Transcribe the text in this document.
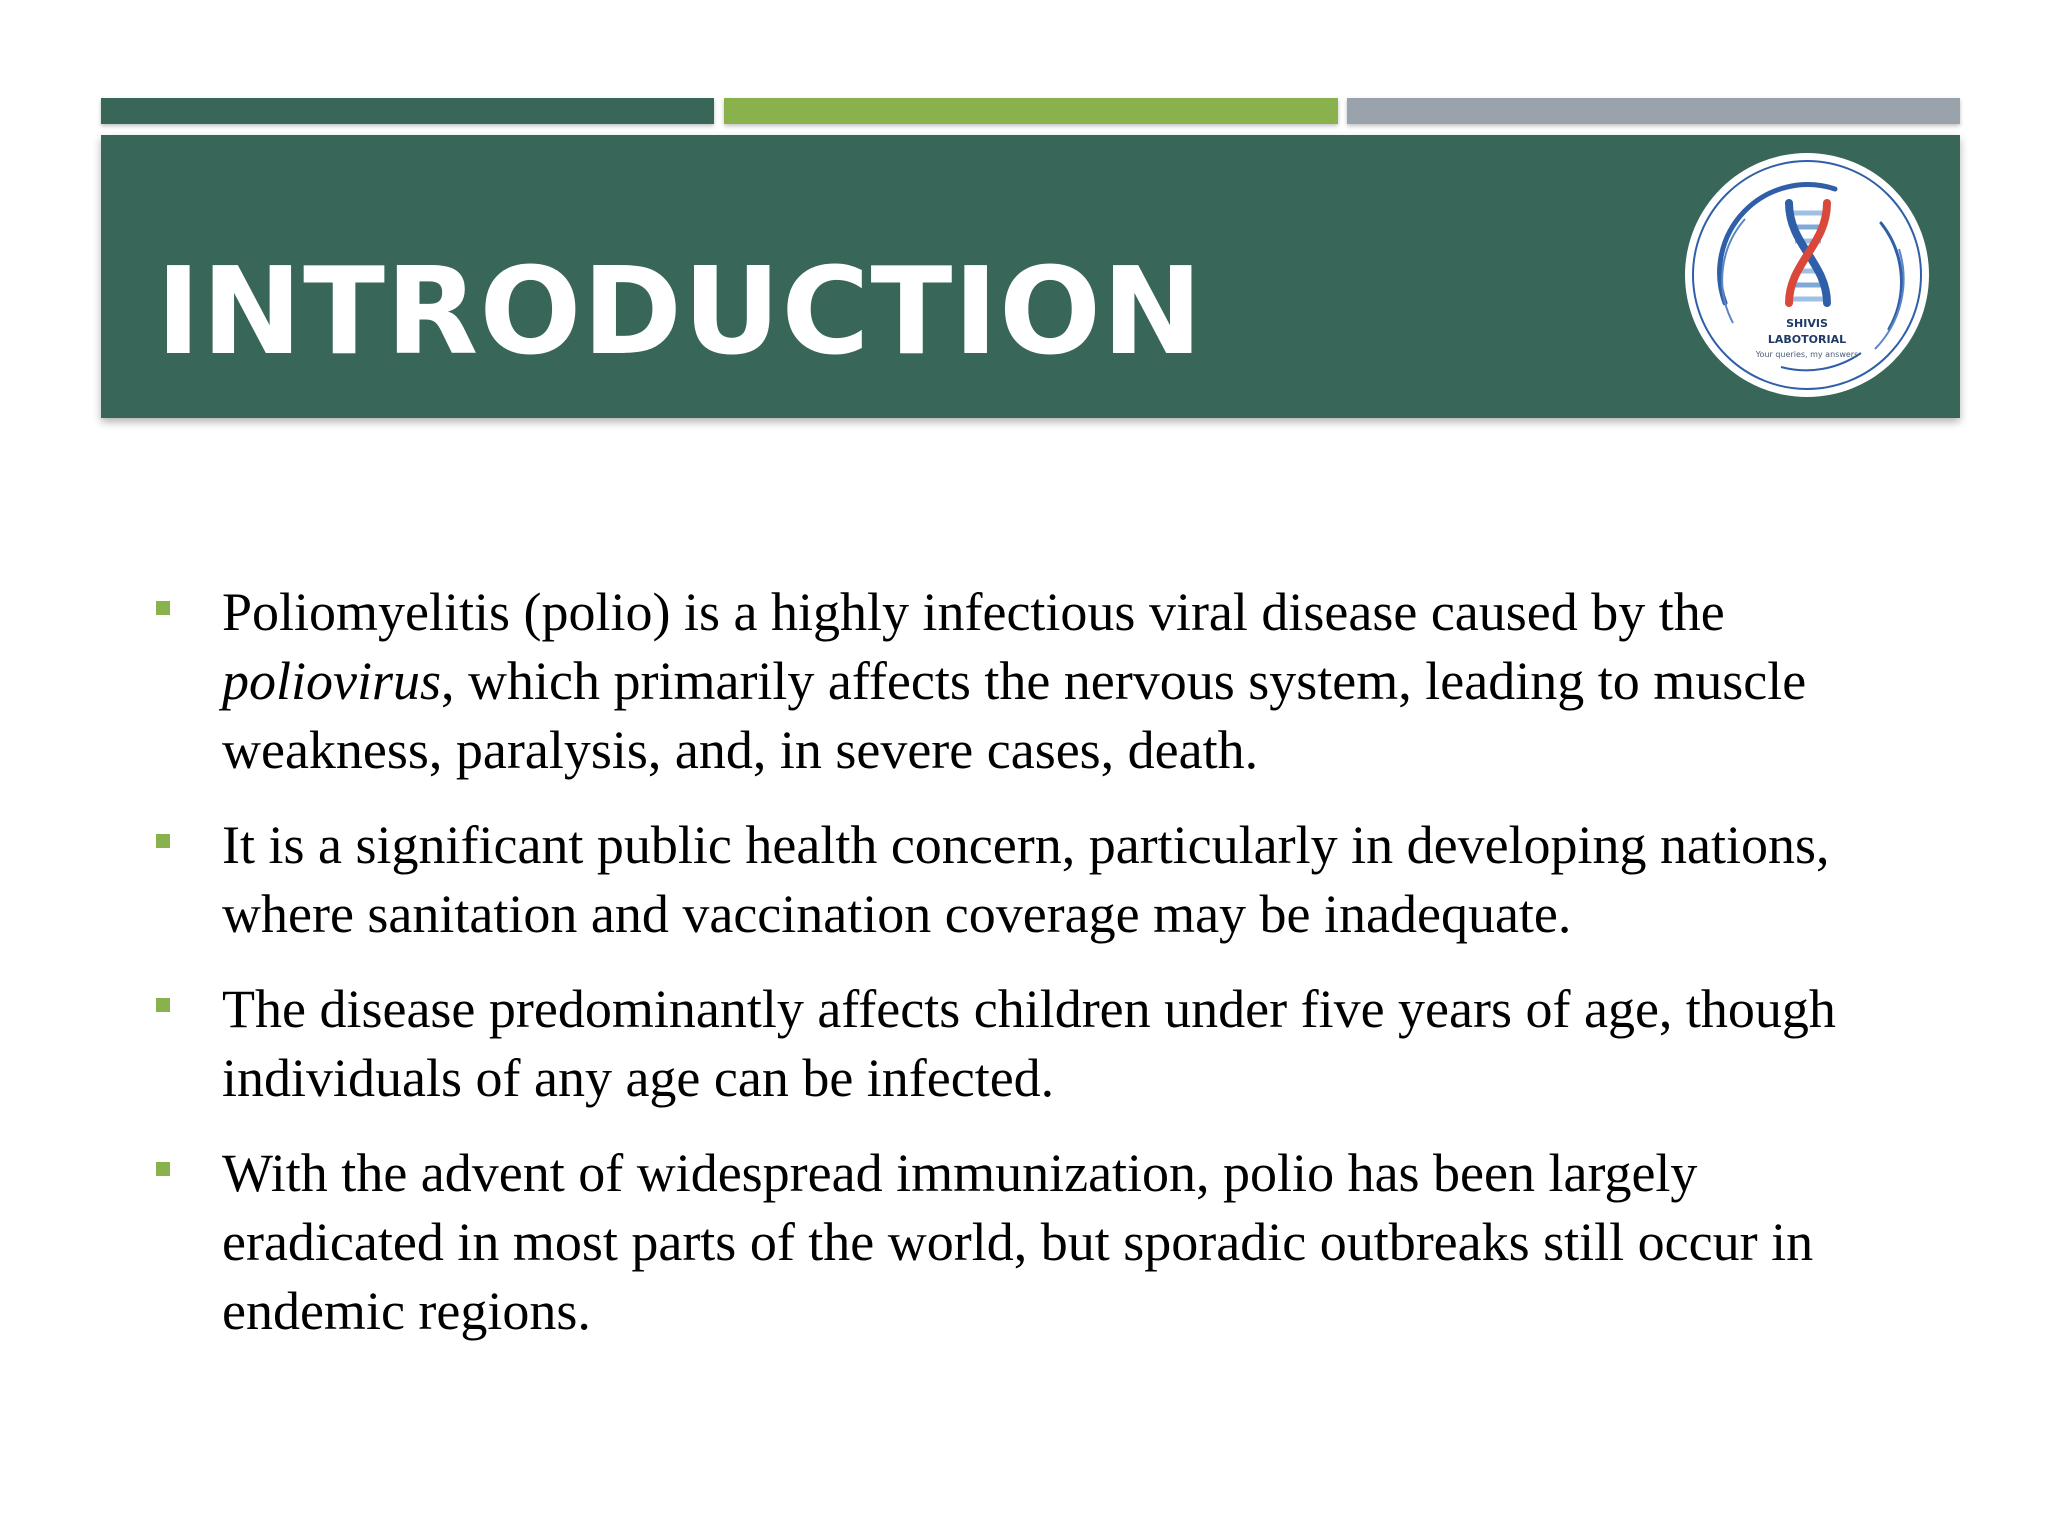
INTRODUCTION	SHIVIS
LABOTORIAL
Your queries, my answers
Poliomyelitis (polio) is a highly infectious viral disease caused by the poliovirus, which primarily affects the nervous system, leading to muscle weakness, paralysis, and, in severe cases, death.
It is a significant public health concern, particularly in developing nations, where sanitation and vaccination coverage may be inadequate.
The disease predominantly affects children under five years of age, though individuals of any age can be infected.
With the advent of widespread immunization, polio has been largely eradicated in most parts of the world, but sporadic outbreaks still occur in endemic regions.
